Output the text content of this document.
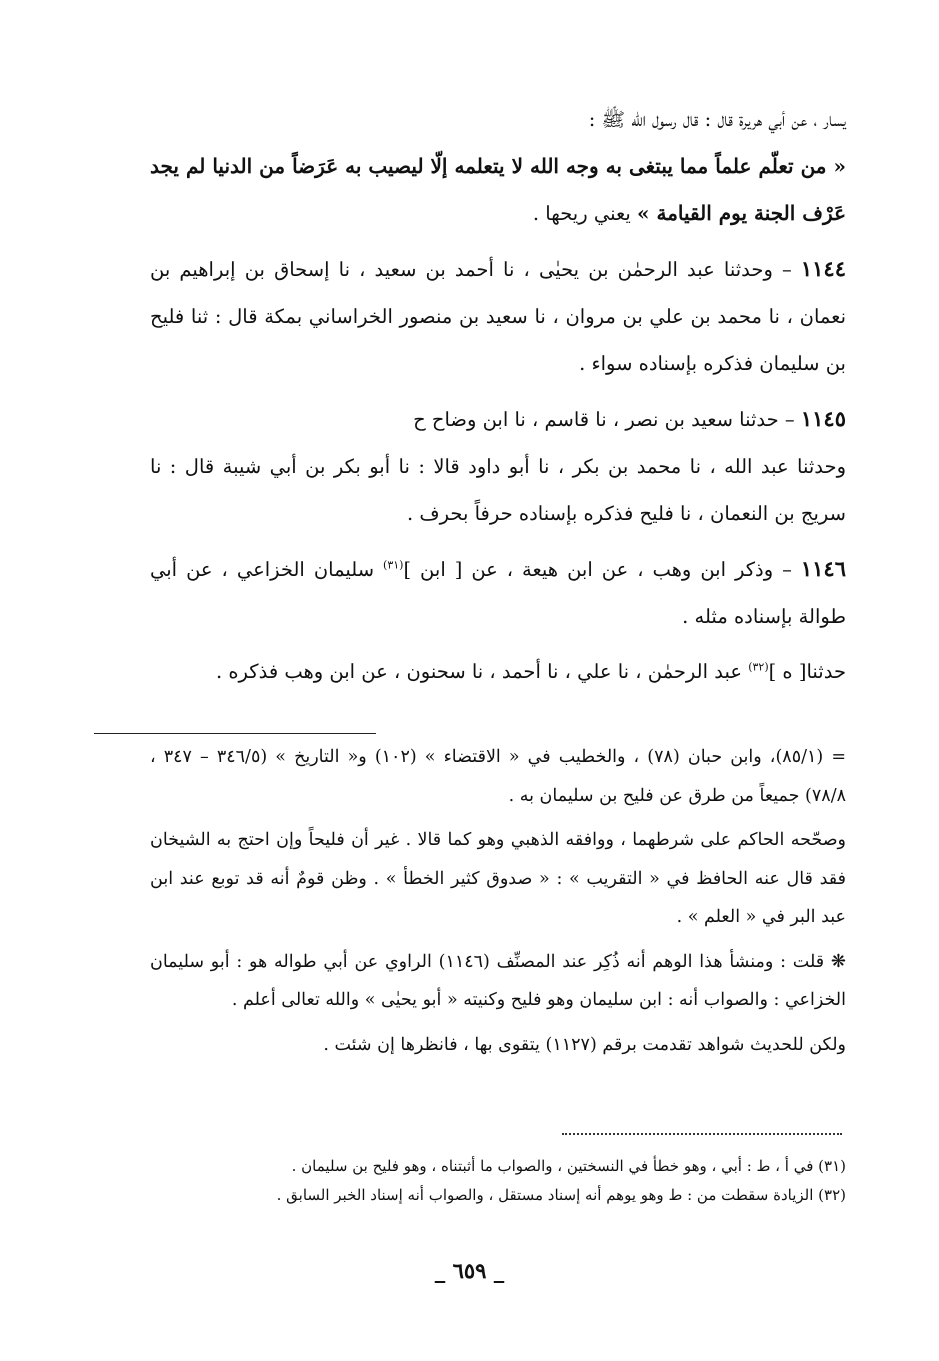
يسار ، عن أبي هريرة قال : قال رسول الله ﷺ :
« من تعلّم علماً مما يبتغى به وجه الله لا يتعلمه إلّا ليصيب به عَرَضاً من الدنيا لم يجد عَرْف الجنة يوم القيامة » يعني ريحها .

١١٤٤ – وحدثنا عبد الرحمٰن بن يحيٰى ، نا أحمد بن سعيد ، نا إسحاق بن إبراهيم بن نعمان ، نا محمد بن علي بن مروان ، نا سعيد بن منصور الخراساني بمكة قال : ثنا فليح بن سليمان فذكره بإسناده سواء .

١١٤٥ – حدثنا سعيد بن نصر ، نا قاسم ، نا ابن وضاح ح
وحدثنا عبد الله ، نا محمد بن بكر ، نا أبو داود قالا : نا أبو بكر بن أبي شيبة قال : نا سريج بن النعمان ، نا فليح فذكره بإسناده حرفاً بحرف .

١١٤٦ – وذكر ابن وهب ، عن ابن هيعة ، عن [ ابن ]$^{(٣١)}$ سليمان الخزاعي ، عن أبي طوالة بإسناده مثله .

حدثنا[ ه ]$^{(٣٢)}$ عبد الرحمٰن ، نا علي ، نا أحمد ، نا سحنون ، عن ابن وهب فذكره .

= (٨٥/١)، وابن حبان (٧٨) ، والخطيب في « الاقتضاء » (١٠٢) و« التاريخ » (٣٤٦/٥ – ٣٤٧ ، ٧٨/٨) جميعاً من طرق عن فليح بن سليمان به .

وصحّحه الحاكم على شرطهما ، ووافقه الذهبي وهو كما قالا . غير أن فليحاً وإن احتج به الشيخان فقد قال عنه الحافظ في « التقريب » : « صدوق كثير الخطأ » . وظن قومٌ أنه قد توبع عند ابن عبد البر في « العلم » .

❋ قلت : ومنشأ هذا الوهم أنه ذُكِر عند المصنِّف (١١٤٦) الراوي عن أبي طواله هو : أبو سليمان الخزاعي : والصواب أنه : ابن سليمان وهو فليح وكنيته « أبو يحيٰى » والله تعالى أعلم .

ولكن للحديث شواهد تقدمت برقم (١١٢٧) يتقوى بها ، فانظرها إن شئت .

(٣١) في أ ، ط : أبي ، وهو خطأ في النسختين ، والصواب ما أثبتناه ، وهو فليح بن سليمان .

(٣٢) الزيادة سقطت من : ط وهو يوهم أنه إسناد مستقل ، والصواب أنه إسناد الخبر السابق .

_ ٦٥٩ _
